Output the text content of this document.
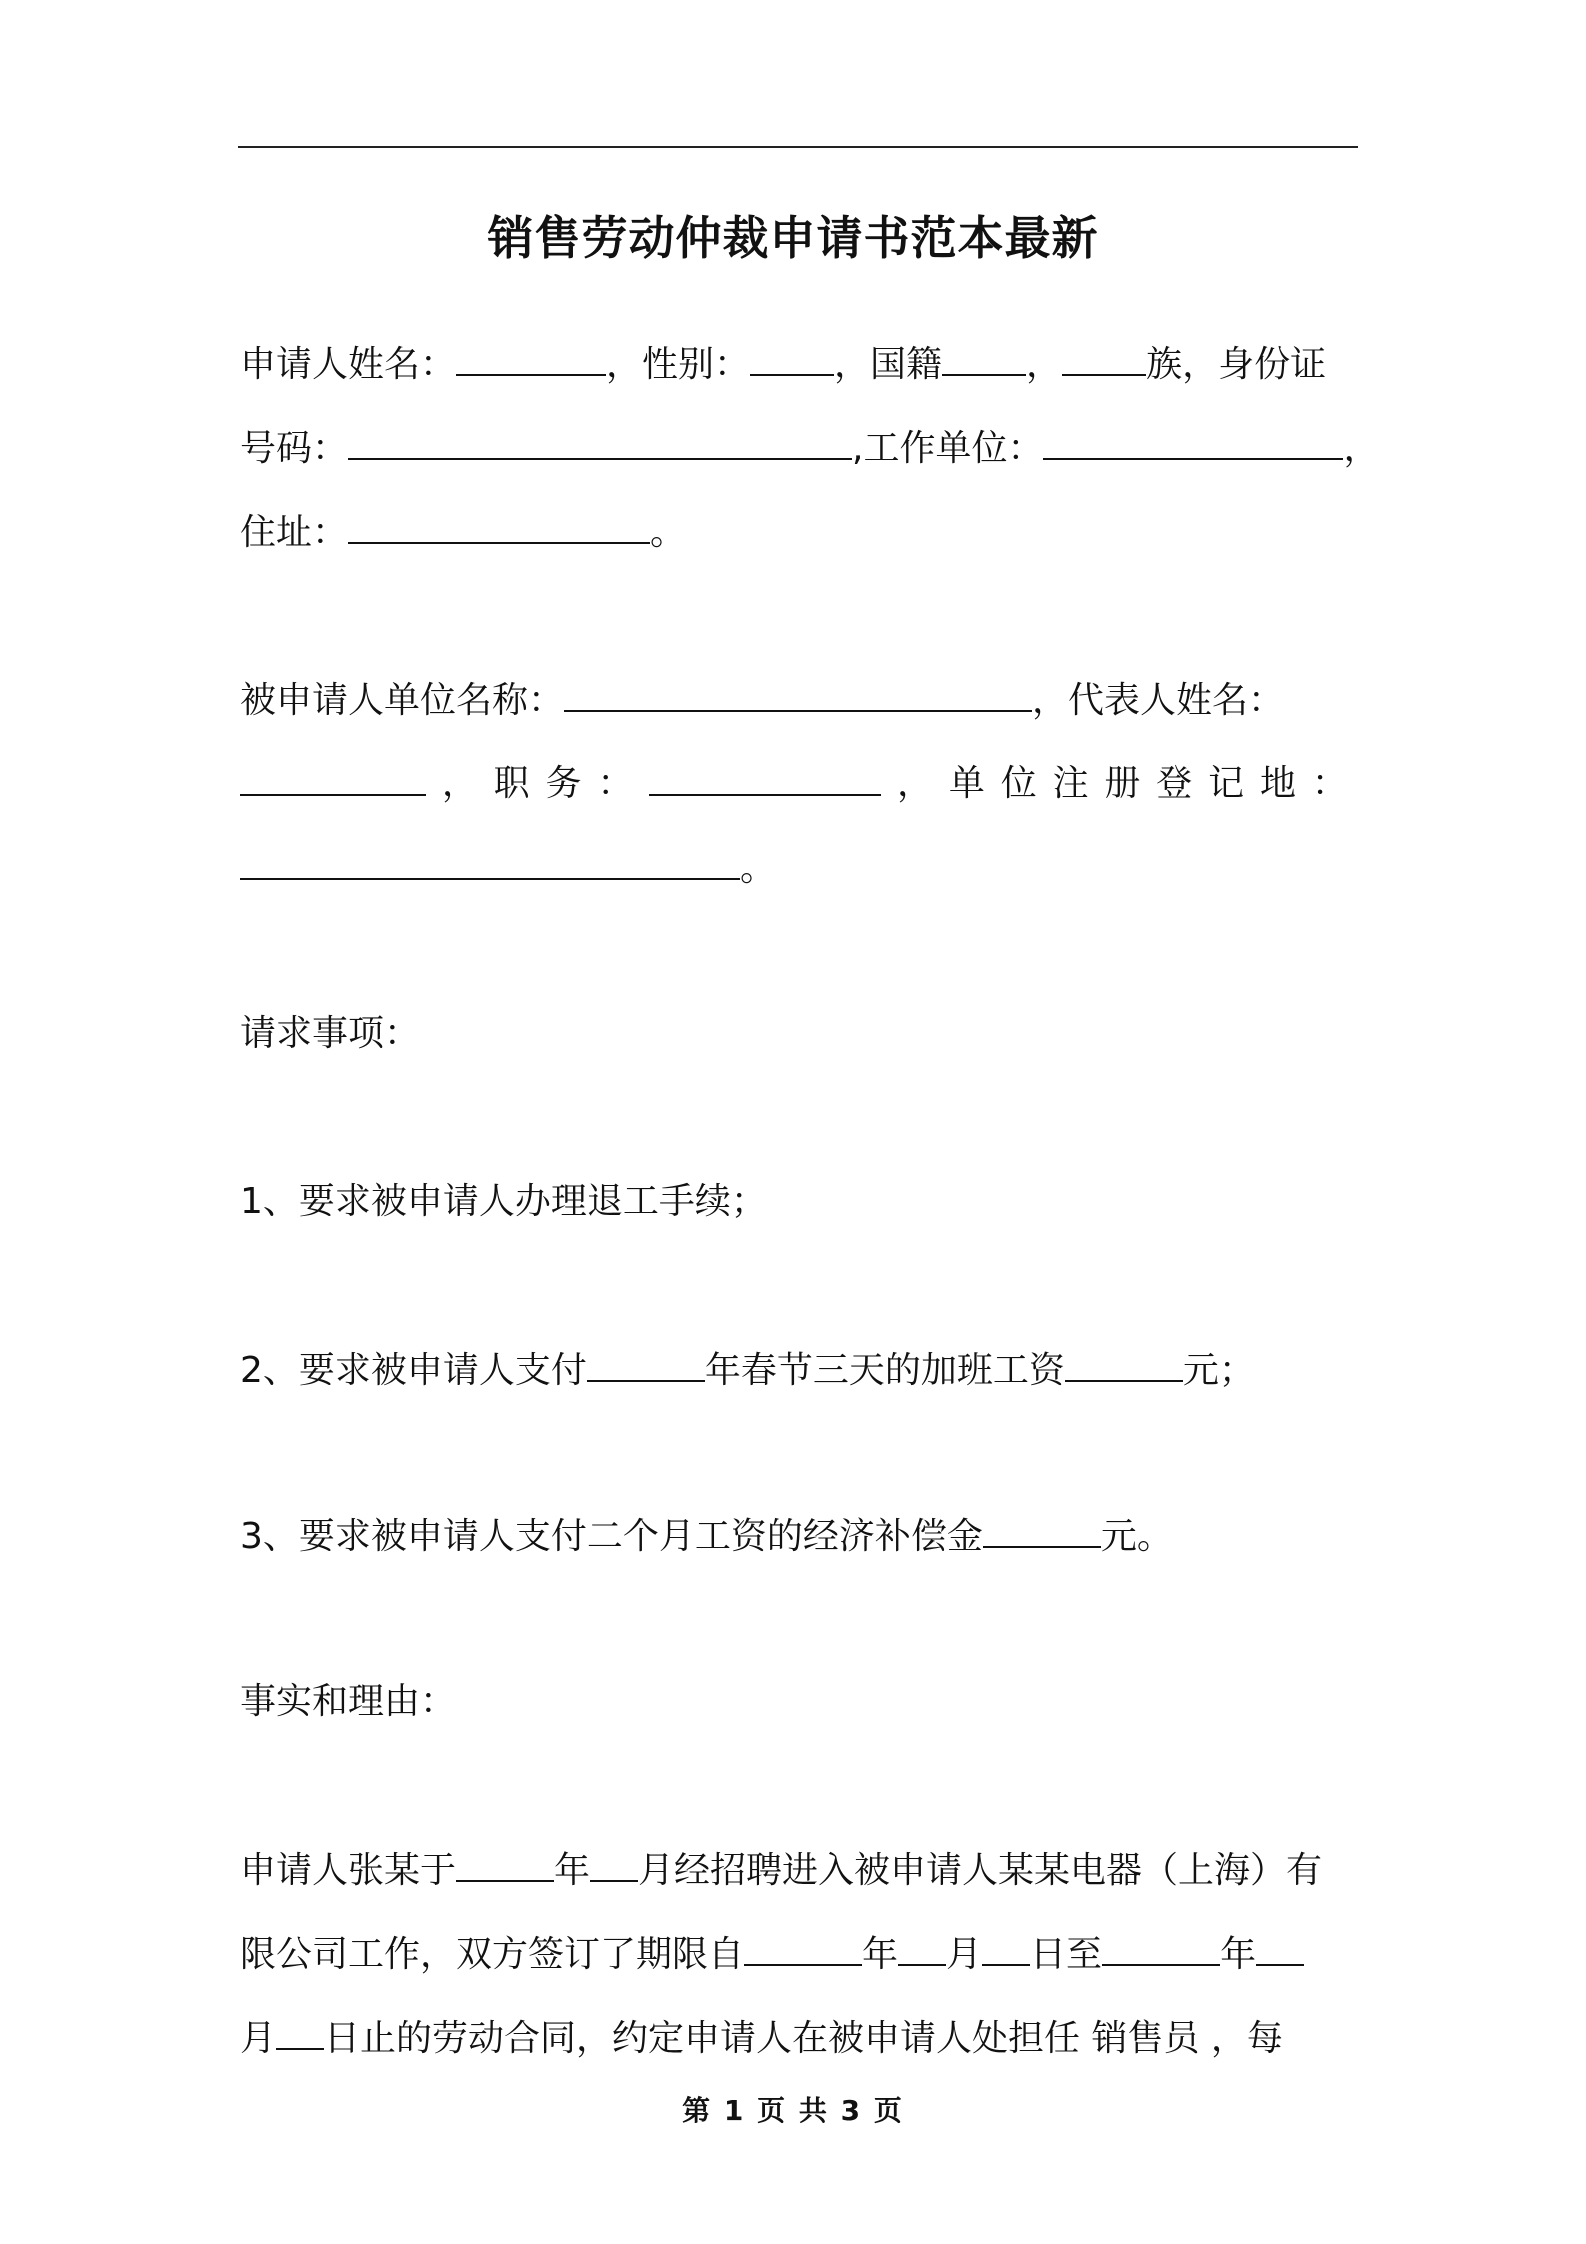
销售劳动仲裁申请书范本最新
申请人姓名：	，性别： ，国籍 ， 族，身份证
号码：	,工作单位：	，
住址：	。
被申请人单位名称：	，代表人姓名：
， 职 务 ：	， 单 位 注 册 登 记 地 ：
。
请求事项：
1、要求被申请人办理退工手续；
2、要求被申请人支付	年春节三天的加班工资	元；
3、要求被申请人支付二个月工资的经济补偿金	元。
事实和理由：
申请人张某于	年 月经招聘进入被申请人某某电器（上海）有
限公司工作，双方签订了期限自	年 月 日至	年
月 日止的劳动合同，约定申请人在被申请人处担任 销售员 ，每
第 1 页 共 3 页
